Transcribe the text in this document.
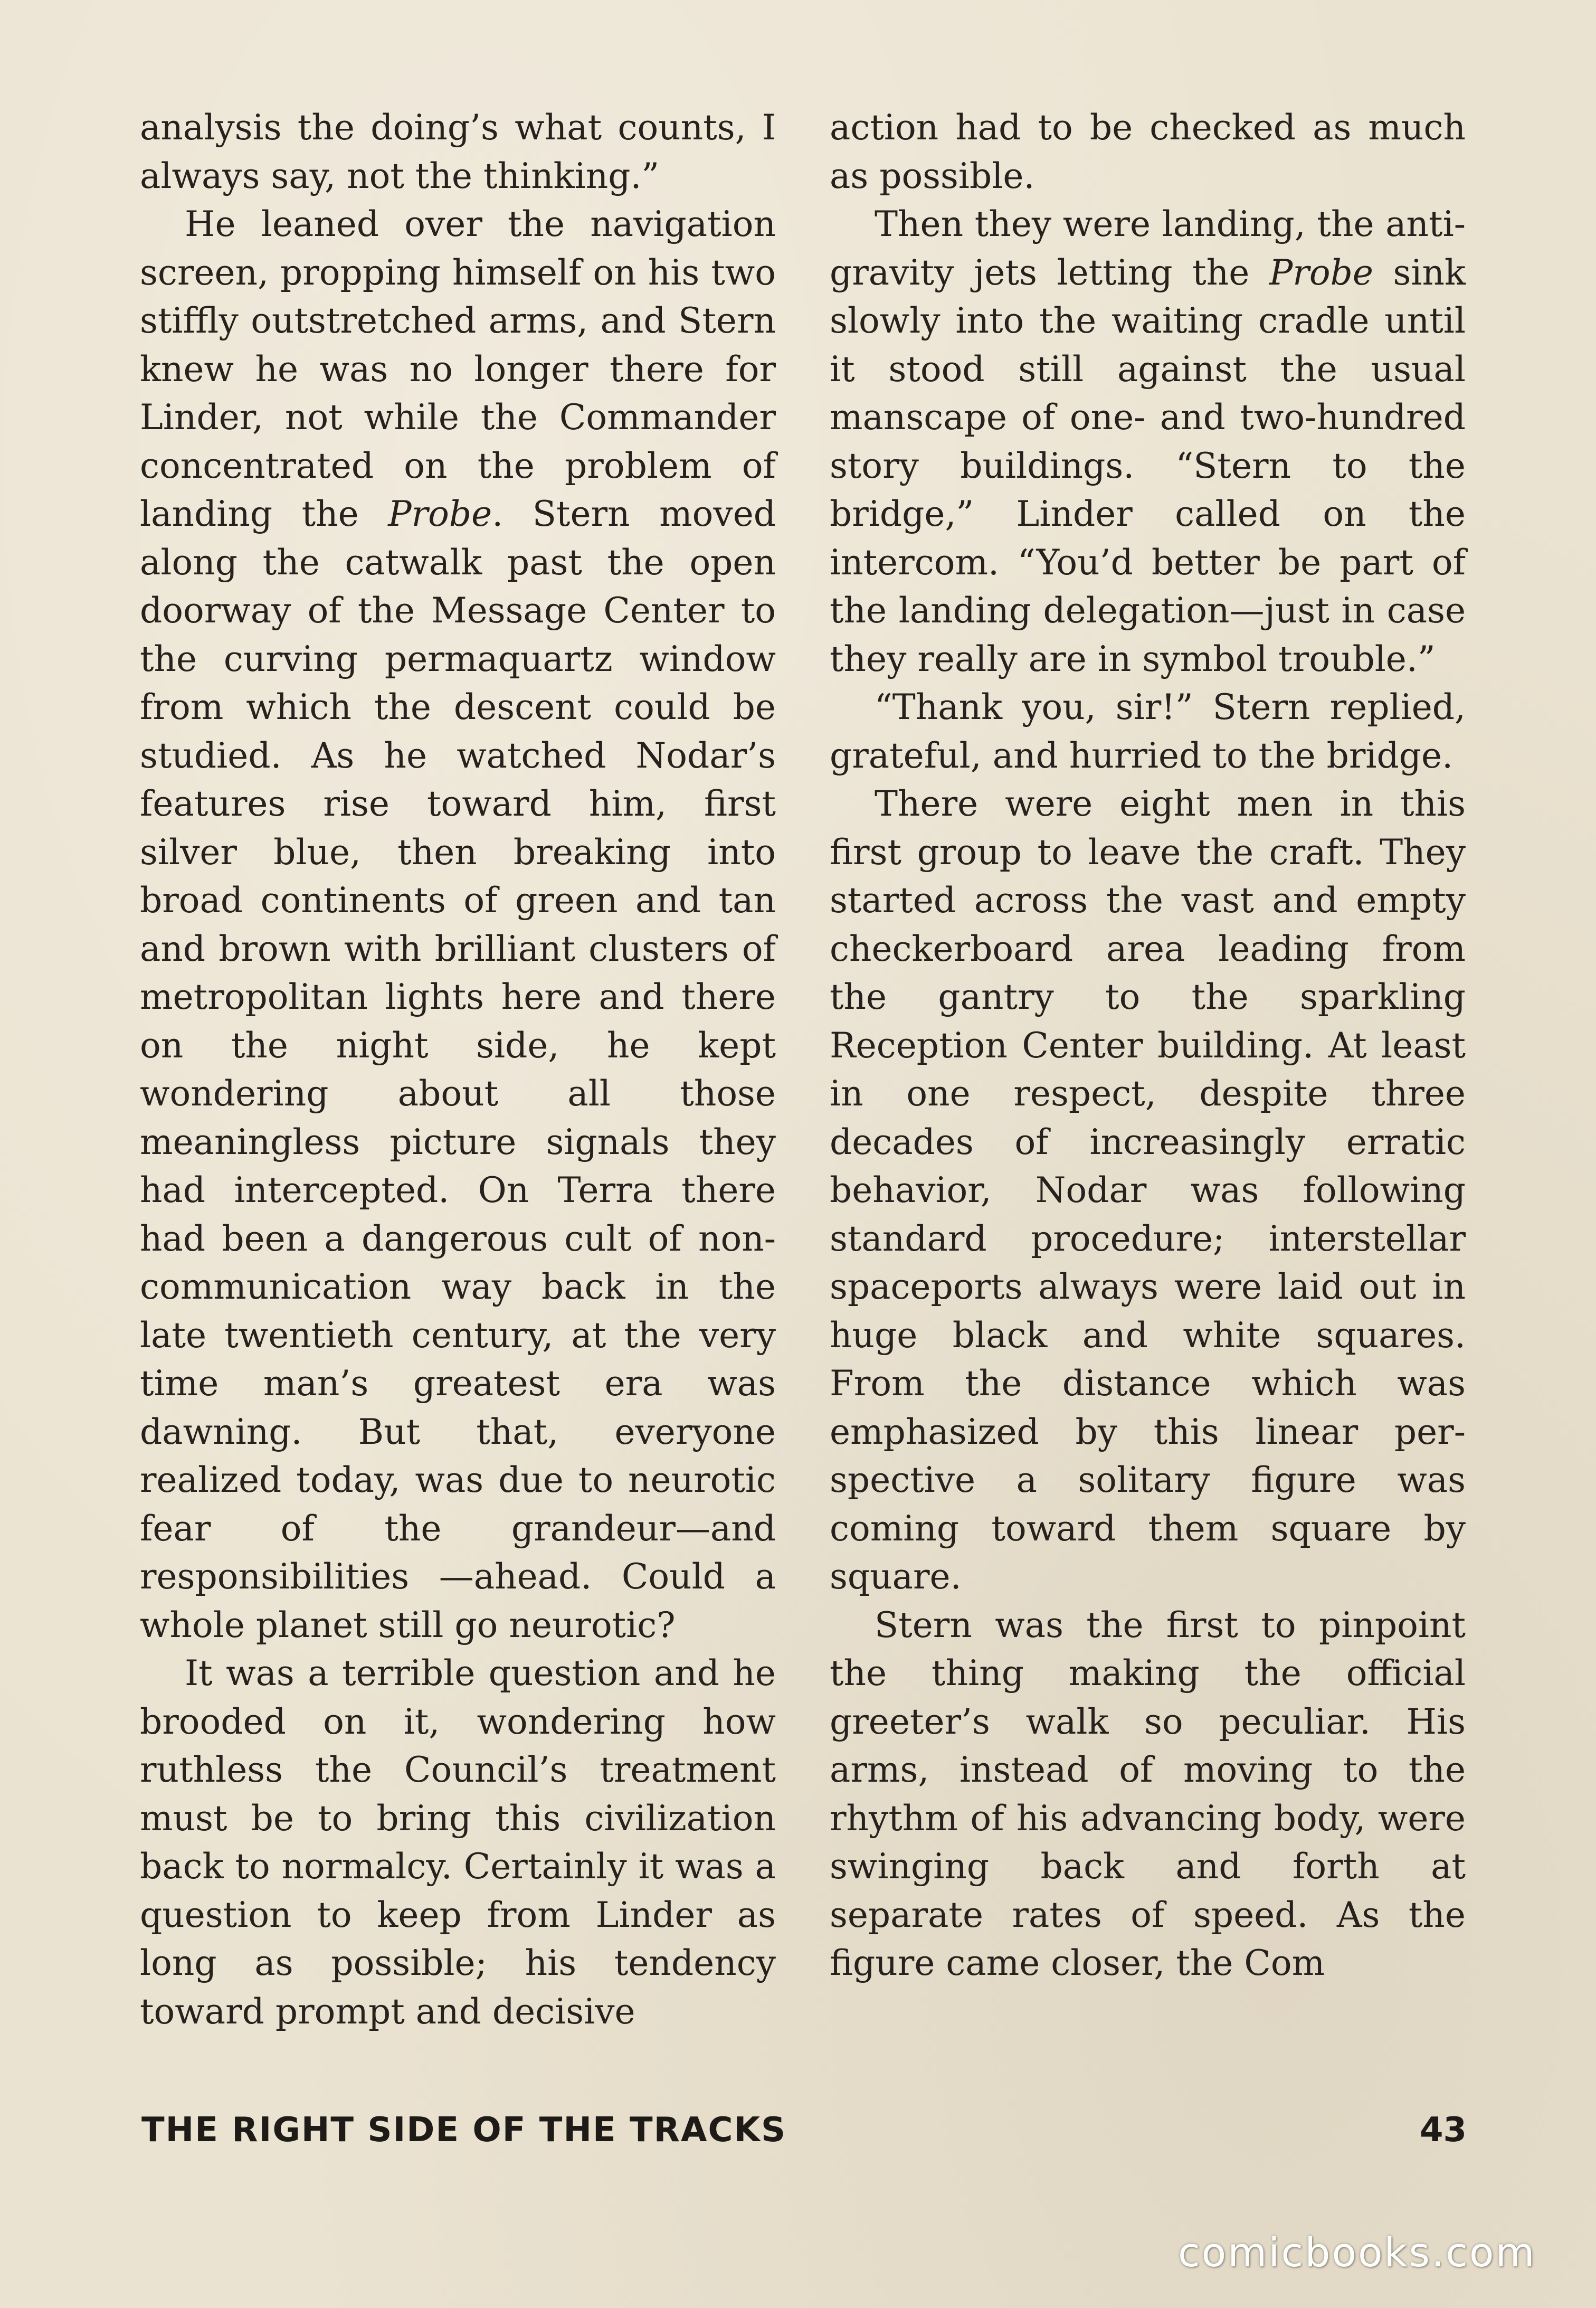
analysis the doing’s what counts, I always say, not the thinking.”

He leaned over the navigation screen, propping himself on his two stiffly outstretched arms, and Stern knew he was no longer there for Linder, not while the Commander concentrated on the problem of landing the Probe. Stern moved along the catwalk past the open doorway of the Message Center to the curving permaquartz window from which the descent could be studied. As he watched Nodar’s features rise toward him, first silver blue, then breaking into broad continents of green and tan and brown with brilliant clusters of metropolitan lights here and there on the night side, he kept wondering about all those meaningless picture signals they had intercepted. On Terra there had been a dangerous cult of non-communication way back in the late twentieth century, at the very time man’s greatest era was dawning. But that, everyone realized today, was due to neurotic fear of the grandeur—and responsibilities —ahead. Could a whole planet still go neurotic?

It was a terrible question and he brooded on it, wondering how ruthless the Council’s treatment must be to bring this civilization back to normalcy. Certainly it was a question to keep from Linder as long as possible; his tendency toward prompt and decisive

action had to be checked as much as possible.

Then they were landing, the anti-gravity jets letting the Probe sink slowly into the waiting cradle until it stood still against the usual manscape of one- and two-hundred story buildings. “Stern to the bridge,” Linder called on the intercom. “You’d better be part of the landing delegation—just in case they really are in symbol trouble.”

“Thank you, sir!” Stern replied, grateful, and hurried to the bridge.

There were eight men in this first group to leave the craft. They started across the vast and empty checkerboard area leading from the gantry to the sparkling Reception Center building. At least in one respect, despite three decades of increasingly erratic behavior, Nodar was following standard procedure; interstellar spaceports always were laid out in huge black and white squares. From the distance which was emphasized by this linear perspective a solitary figure was coming toward them square by square.

Stern was the first to pinpoint the thing making the official greeter’s walk so peculiar. His arms, instead of moving to the rhythm of his advancing body, were swinging back and forth at separate rates of speed. As the figure came closer, the Com

THE RIGHT SIDE OF THE TRACKS	43
comicbooks.com
